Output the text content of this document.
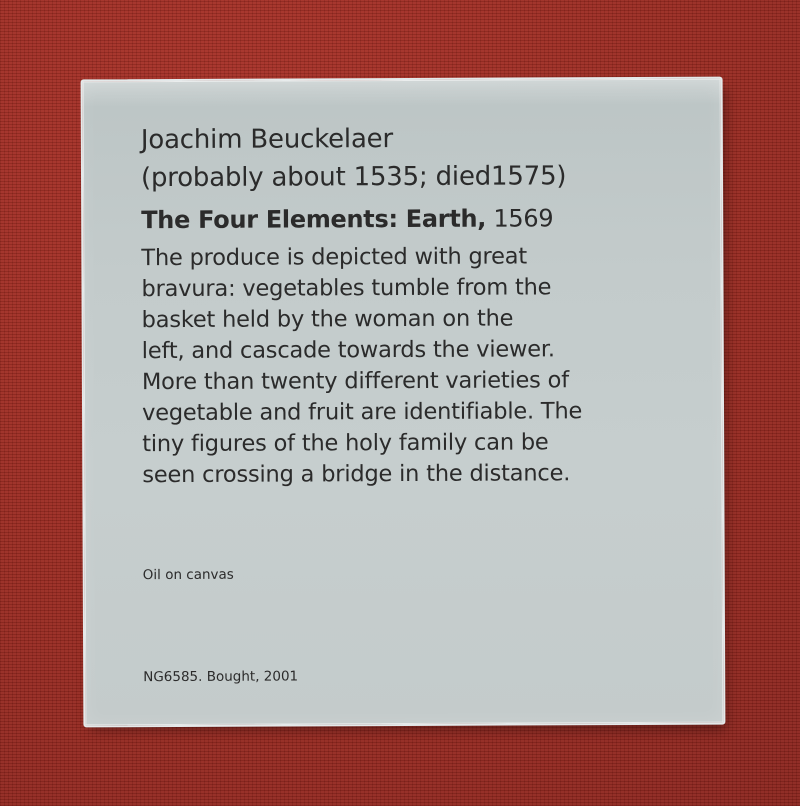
Joachim Beuckelaer
(probably about 1535; died1575)
The Four Elements: Earth, 1569
The produce is depicted with great
bravura: vegetables tumble from the
basket held by the woman on the
left, and cascade towards the viewer.
More than twenty different varieties of
vegetable and fruit are identifiable. The
tiny figures of the holy family can be
seen crossing a bridge in the distance.
Oil on canvas
NG6585. Bought, 2001
